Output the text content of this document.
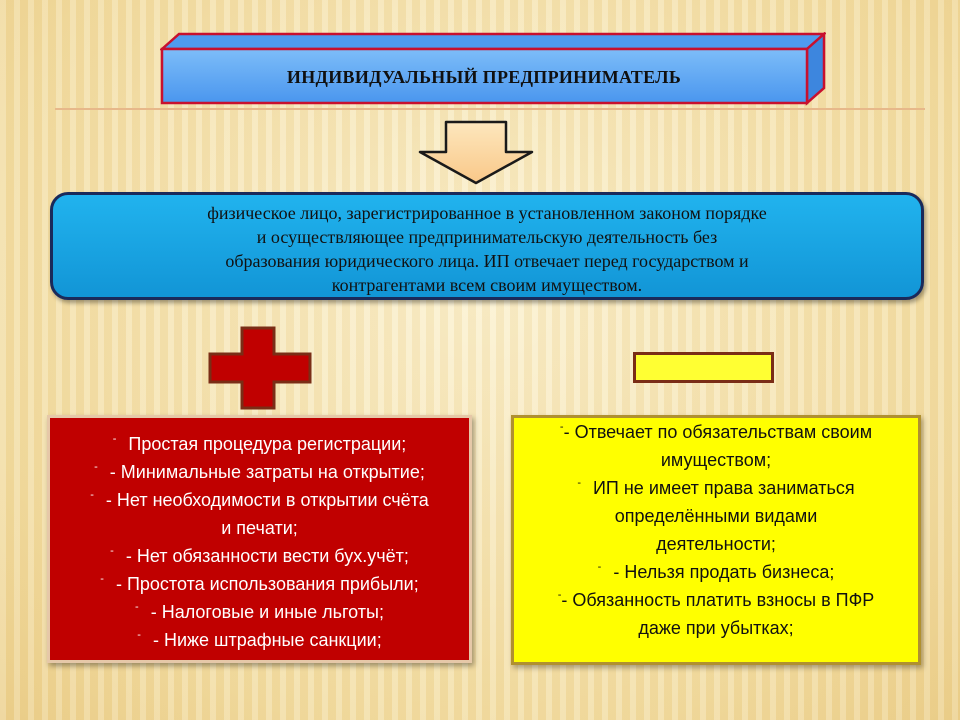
ИНДИВИДУАЛЬНЫЙ ПРЕДПРИНИМАТЕЛЬ
физическое лицо, зарегистрированное в установленном законом порядке
и осуществляющее предпринимательскую деятельность без
образования юридического лица. ИП отвечает перед государством и
контрагентами всем своим имуществом.
- Простая процедура регистрации;
- - Минимальные затраты на открытие;
- - Нет необходимости в открытии счёта
и печати;
- - Нет обязанности вести бух.учёт;
- - Простота использования прибыли;
- - Налоговые и иные льготы;
- - Ниже штрафные санкции;
-- Отвечает по обязательствам своим
имуществом;
- ИП не имеет права заниматься
определёнными видами
деятельности;
- - Нельзя продать бизнеса;
-- Обязанность платить взносы в ПФР
даже при убытках;
